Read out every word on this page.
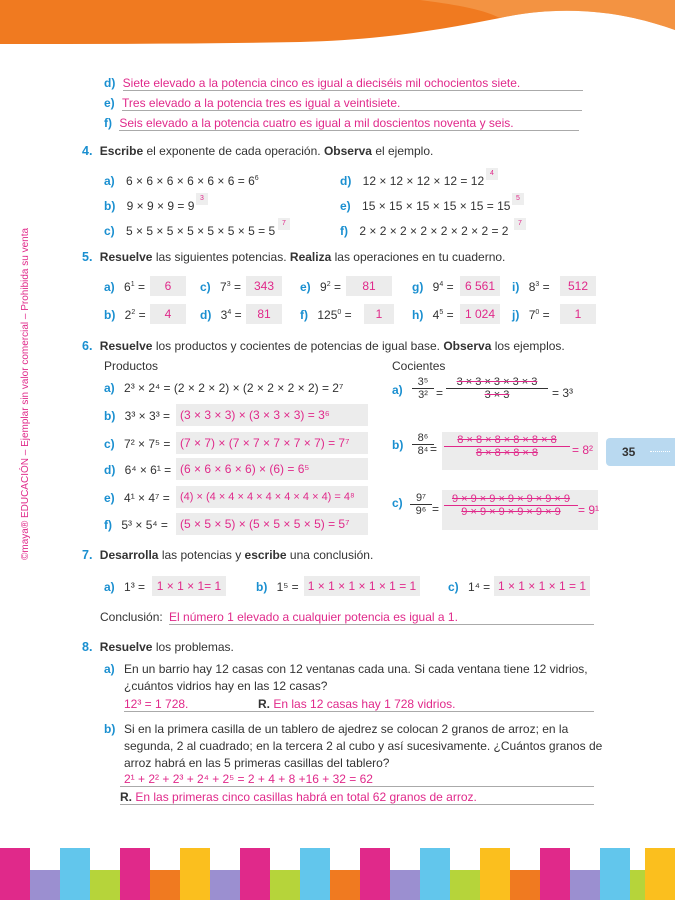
©maya® EDUCACIÓN – Ejemplar sin valor comercial – Prohibida su venta	35
d) Siete elevado a la potencia cinco es igual a dieciséis mil ochocientos siete.
e) Tres elevado a la potencia tres es igual a veintisiete.
f) Seis elevado a la potencia cuatro es igual a mil doscientos noventa y seis.
4. Escribe el exponente de cada operación. Observa el ejemplo.
a) $6 \times 6 \times 6 \times 6 \times 6 \times 6 = 6^6$
b) 9 × 9 × 9 = 9
3
c) 5 × 5 × 5 × 5 × 5 × 5 × 5 = 5
7
d) 12 × 12 × 12 × 12 = 12
4
e) 15 × 15 × 15 × 15 × 15 = 15
5
f) 2 × 2 × 2 × 2 × 2 × 2 × 2 = 2
7
5. Resuelve las siguientes potencias. Realiza las operaciones en tu cuaderno.
a) $6^1$ =	6	c) $7^3$ =	343	e) $9^2$ =	81	g) $9^4 = 6$ 561	i) $8^3$ =	512
b) $2^2$ =	4	d) $3^4$ =	81	f) $125^0$ =	1	h) $4^5 = 1$ 024	j) $7^0$ =	1
6. Resuelve los productos y cocientes de potencias de igual base. Observa los ejemplos.
Productos	Cocientes
a) 2³ × 2⁴ = (2 × 2 × 2) × (2 × 2 × 2 × 2) = 2⁷
b) 3³ × 3³ = (3 × 3 × 3) × (3 × 3 × 3) = 3⁶
c) 7² × 7⁵ = (7 × 7) × (7 × 7 × 7 × 7 × 7) = 7⁷
d) 6⁴ × 6¹ = (6 × 6 × 6 × 6) × (6) = 6⁵
e) 4¹ × 4⁷ = (4) × (4 × 4 × 4 × 4 × 4 × 4 × 4) = 4⁸
f) 5³ × 5⁴ =	(5 × 5 × 5) × (5 × 5 × 5 × 5) = 5⁷
$a) \frac{\text{3⁵}}{\text{3²}} = \frac{3 \times 3 \times 3 \times 3 \times 3}{3 \times 3} = 3^3$
$b) \frac{\text{8⁶}}{\text{8⁴}}$
= $\frac{8 \times 8 \times 8 \times 8 \times 8 \times 8}{8 \times 8 \times 8 \times 8} = 8^2$
$c) \frac{\text{9⁷}}{\text{9⁶}} = \frac{9 \times 9 \times 9 \times 9 \times 9 \times 9 \times 9}{9 \times 9 \times 9 \times 9 \times 9 \times 9} = 9^1$
7. Desarrolla las potencias y escribe una conclusión.
a) 1³ = 1 × 1 × 1= 1	b) 1⁵ = 1 × 1 × 1 × 1 × 1 = 1	c) 1⁴ = 1 × 1 × 1 × 1 = 1
Conclusión: El número 1 elevado a cualquier potencia es igual a 1.
8. Resuelve los problemas.
a) En un barrio hay 12 casas con 12 ventanas cada una. Si cada ventana tiene 12 vidrios,
¿cuántos vidrios hay en las 12 casas?
12³ = 1 728.	R. En las 12 casas hay 1 728 vidrios.
b) Si en la primera casilla de un tablero de ajedrez se colocan 2 granos de arroz; en la
segunda, 2 al cuadrado; en la tercera 2 al cubo y así sucesivamente. ¿Cuántos granos de
arroz habrá en las 5 primeras casillas del tablero?
2¹ + 2² + 2³ + 2⁴ + 2⁵ = 2 + 4 + 8 +16 + 32 = 62
R. En las primeras cinco casillas habrá en total 62 granos de arroz.
